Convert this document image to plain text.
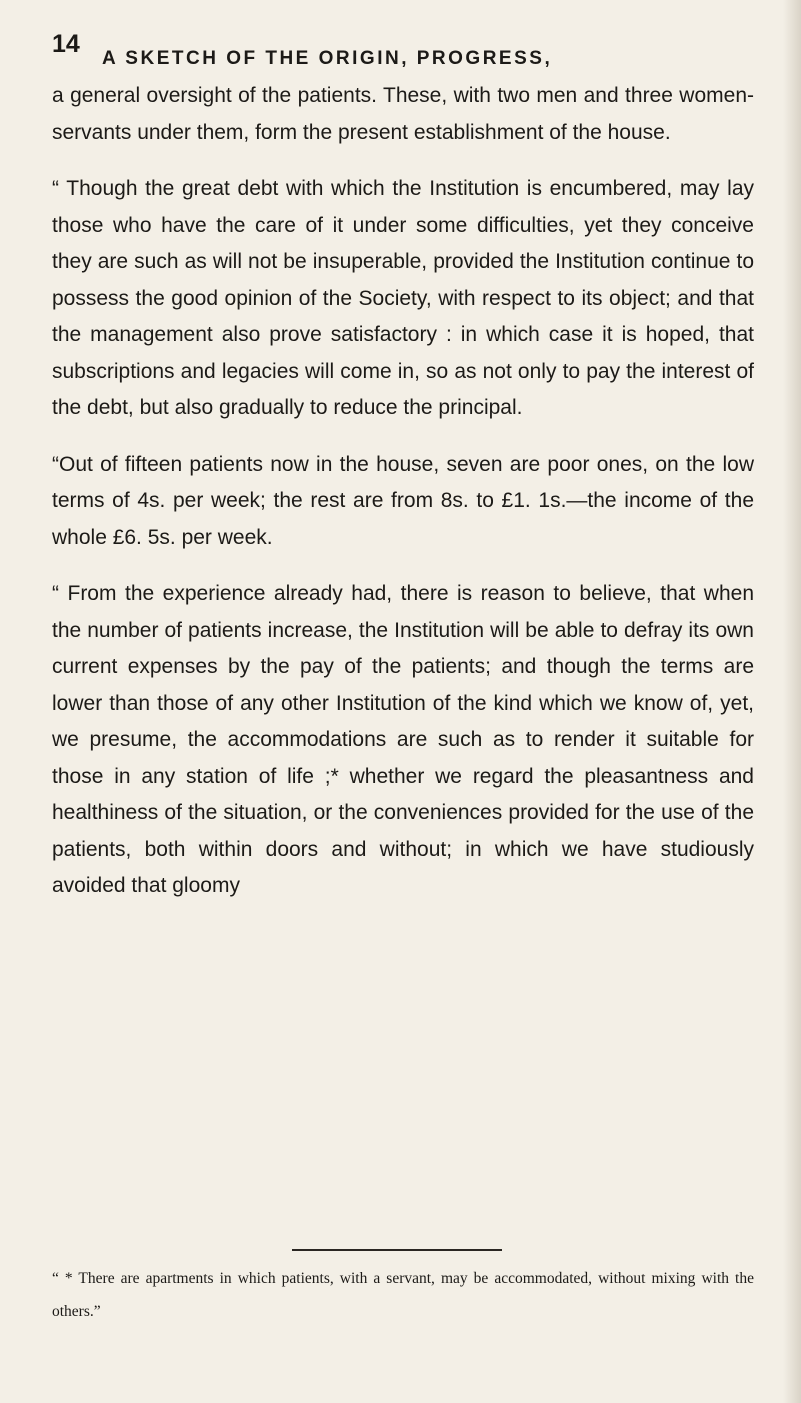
14
A SKETCH OF THE ORIGIN, PROGRESS,

a general oversight of the patients. These, with two men and three women-servants under them, form the present establishment of the house.

“ Though the great debt with which the Institution is encumbered, may lay those who have the care of it under some difficulties, yet they conceive they are such as will not be insuperable, provided the Institution continue to possess the good opinion of the Society, with respect to its object; and that the management also prove satisfactory : in which case it is hoped, that subscriptions and legacies will come in, so as not only to pay the interest of the debt, but also gradually to reduce the principal.

“Out of fifteen patients now in the house, seven are poor ones, on the low terms of 4s. per week; the rest are from 8s. to £1. 1s.—the income of the whole £6. 5s. per week.

“ From the experience already had, there is reason to believe, that when the number of patients increase, the Institution will be able to defray its own current expenses by the pay of the patients; and though the terms are lower than those of any other Institution of the kind which we know of, yet, we presume, the accommodations are such as to render it suitable for those in any station of life ;* whether we regard the pleasantness and healthiness of the situation, or the conveniences provided for the use of the patients, both within doors and without; in which we have studiously avoided that gloomy

“ * There are apartments in which patients, with a servant, may be accommodated, without mixing with the others.”
